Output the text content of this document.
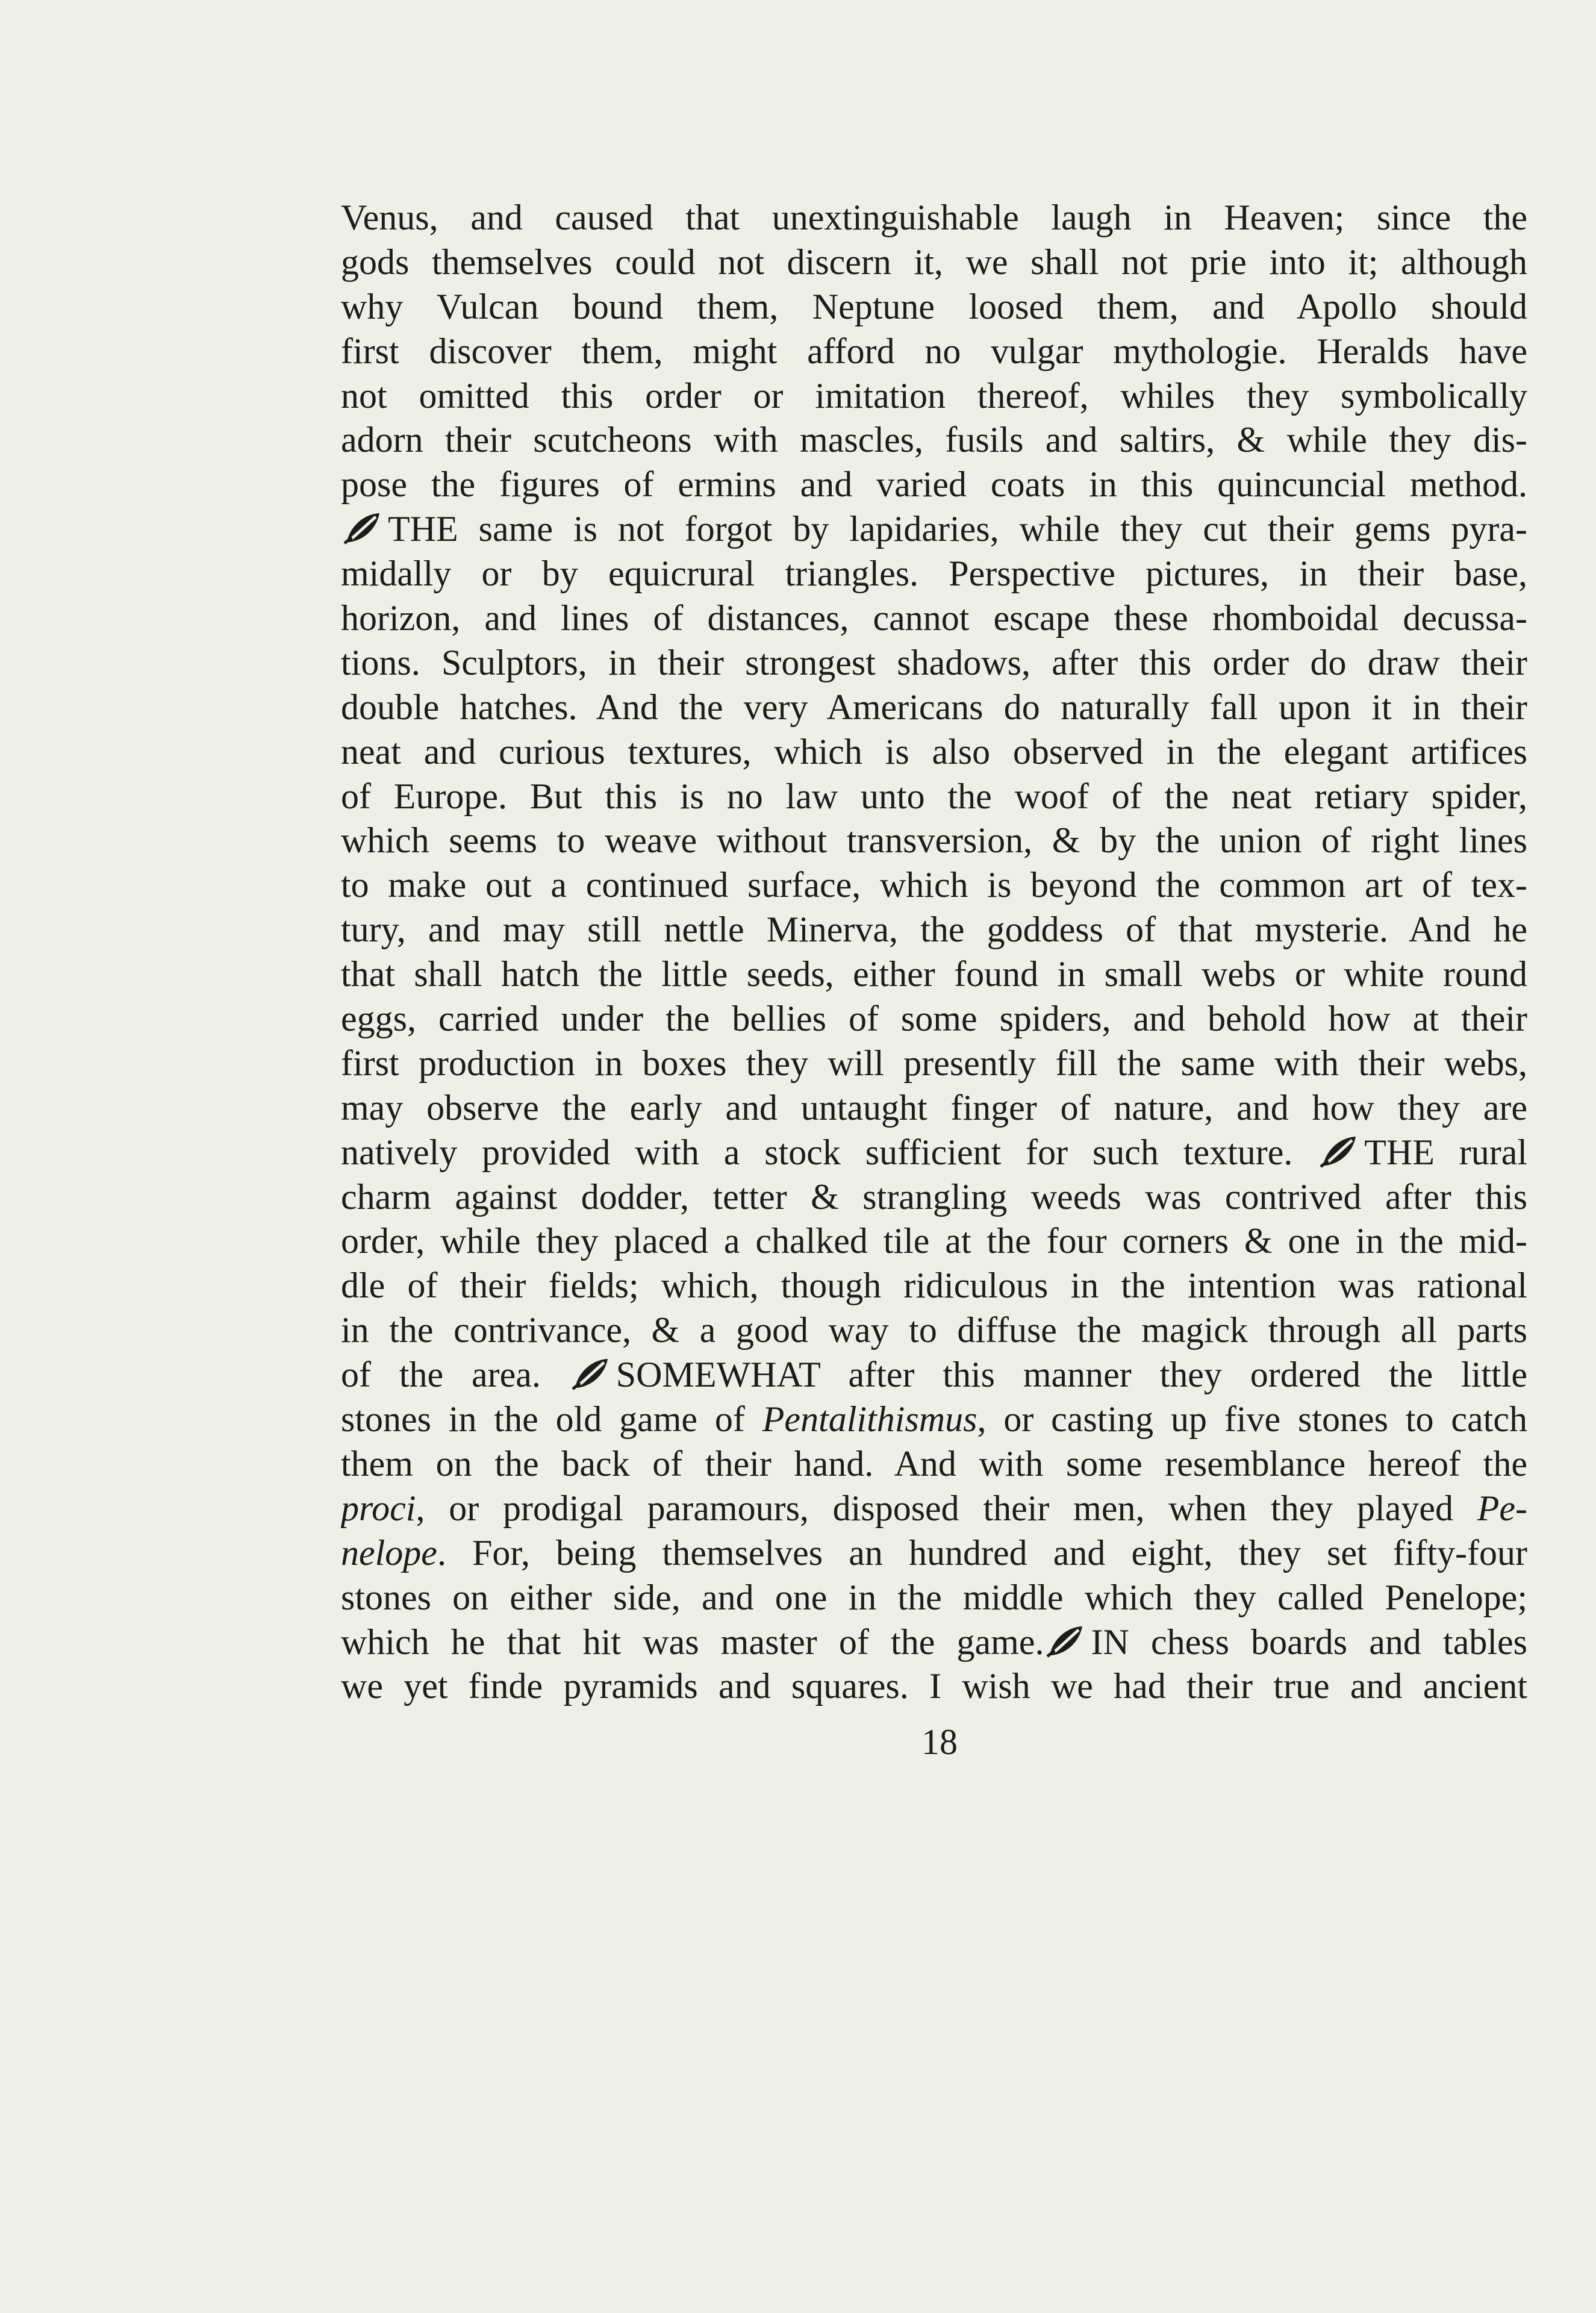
Venus, and caused that unextinguishable laugh in Heaven; since the
gods themselves could not discern it, we shall not prie into it; although
why Vulcan bound them, Neptune loosed them, and Apollo should
first discover them, might afford no vulgar mythologie. Heralds have
not omitted this order or imitation thereof, whiles they symbolically
adorn their scutcheons with mascles, fusils and saltirs, & while they dis-
pose the figures of ermins and varied coats in this quincuncial method.
THE same is not forgot by lapidaries, while they cut their gems pyra-
midally or by equicrural triangles. Perspective pictures, in their base,
horizon, and lines of distances, cannot escape these rhomboidal decussa-
tions. Sculptors, in their strongest shadows, after this order do draw their
double hatches. And the very Americans do naturally fall upon it in their
neat and curious textures, which is also observed in the elegant artifices
of Europe. But this is no law unto the woof of the neat retiary spider,
which seems to weave without transversion, & by the union of right lines
to make out a continued surface, which is beyond the common art of tex-
tury, and may still nettle Minerva, the goddess of that mysterie. And he
that shall hatch the little seeds, either found in small webs or white round
eggs, carried under the bellies of some spiders, and behold how at their
first production in boxes they will presently fill the same with their webs,
may observe the early and untaught finger of nature, and how they are
natively provided with a stock sufficient for such texture. THE rural
charm against dodder, tetter & strangling weeds was contrived after this
order, while they placed a chalked tile at the four corners & one in the mid-
dle of their fields; which, though ridiculous in the intention was rational
in the contrivance, & a good way to diffuse the magick through all parts
of the area. SOMEWHAT after this manner they ordered the little
stones in the old game of Pentalithismus, or casting up five stones to catch
them on the back of their hand. And with some resemblance hereof the
proci, or prodigal paramours, disposed their men, when they played Pe-
nelope. For, being themselves an hundred and eight, they set fifty-four
stones on either side, and one in the middle which they called Penelope;
which he that hit was master of the game. IN chess boards and tables
we yet finde pyramids and squares. I wish we had their true and ancient
18
